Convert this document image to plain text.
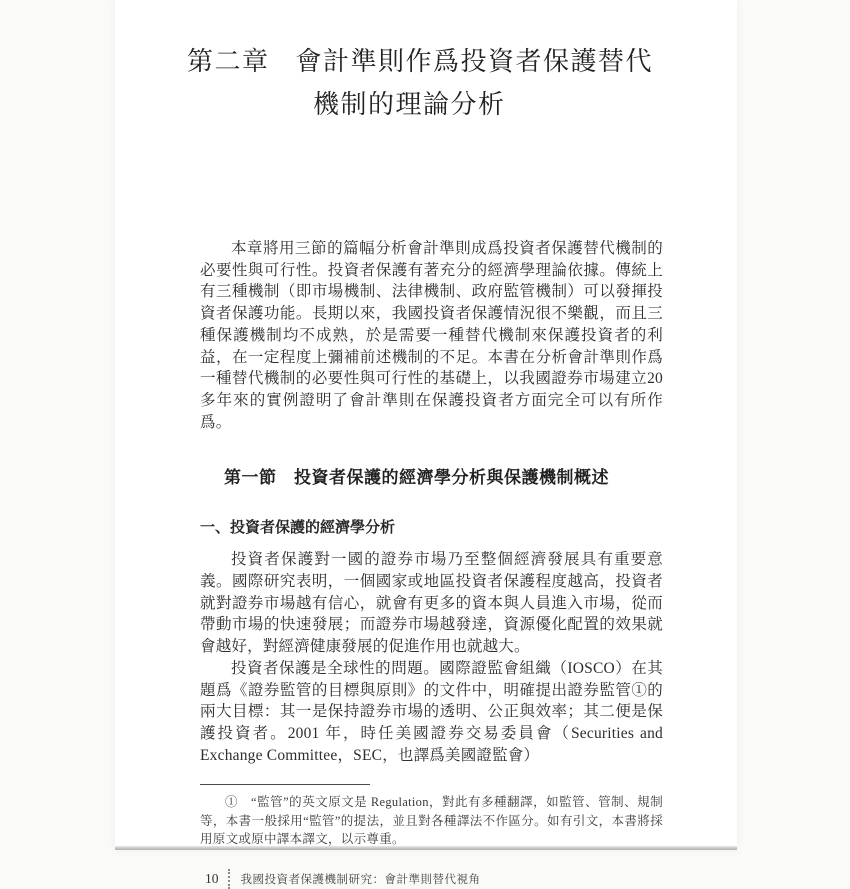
第二章 會計準則作爲投資者保護替代
機制的理論分析

本章將用三節的篇幅分析會計準則成爲投資者保護替代機制的必要性與可行性。投資者保護有著充分的經濟學理論依據。傳統上有三種機制（即市場機制、法律機制、政府監管機制）可以發揮投資者保護功能。長期以來，我國投資者保護情況很不樂觀，而且三種保護機制均不成熟，於是需要一種替代機制來保護投資者的利益，在一定程度上彌補前述機制的不足。本書在分析會計準則作爲一種替代機制的必要性與可行性的基礎上，以我國證券市場建立20 多年來的實例證明了會計準則在保護投資者方面完全可以有所作爲。

第一節　投資者保護的經濟學分析與保護機制概述
一、投資者保護的經濟學分析

投資者保護對一國的證券市場乃至整個經濟發展具有重要意義。國際研究表明，一個國家或地區投資者保護程度越高，投資者就對證券市場越有信心，就會有更多的資本與人員進入市場，從而帶動市場的快速發展；而證券市場越發達，資源優化配置的效果就會越好，對經濟健康發展的促進作用也就越大。

投資者保護是全球性的問題。國際證監會組織（IOSCO）在其題爲《證券監管的目標與原則》的文件中，明確提出證券監管①的兩大目標：其一是保持證券市場的透明、公正與效率；其二便是保護投資者。2001 年，時任美國證券交易委員會（Securities and Exchange Committee，SEC，也譯爲美國證監會）

①　“監管”的英文原文是 Regulation，對此有多種翻譯，如監管、管制、規制等，本書一般採用“監管”的提法，並且對各種譯法不作區分。如有引文，本書將採用原文或原中譯本譯文，以示尊重。
10 我國投資者保護機制研究：會計準則替代視角
